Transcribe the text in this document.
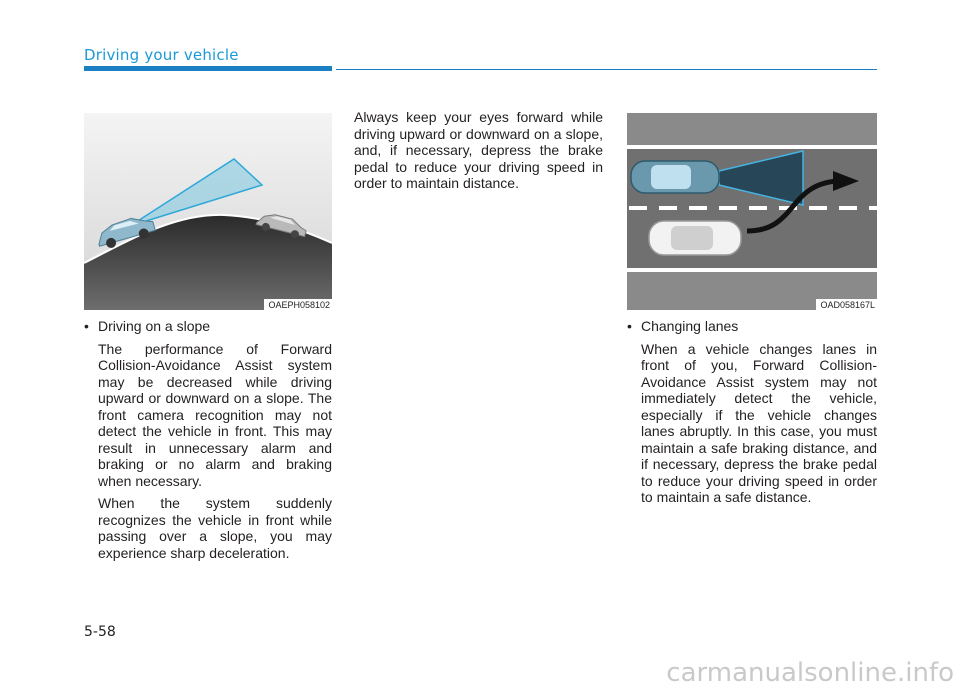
Driving your vehicle
OAEPH058102	OAD058167L
• Driving on a slope

The performance of Forward Collision-Avoidance Assist system may be decreased while driving upward or downward on a slope. The front camera recognition may not detect the vehicle in front. This may result in unnecessary alarm and braking or no alarm and braking when necessary.

When the system suddenly recognizes the vehicle in front while passing over a slope, you may experience sharp deceleration.

Always keep your eyes forward while driving upward or downward on a slope, and, if necessary, depress the brake pedal to reduce your driving speed in order to maintain distance.

• Changing lanes

When a vehicle changes lanes in front of you, Forward Collision-Avoidance Assist system may not immediately detect the vehicle, especially if the vehicle changes lanes abruptly. In this case, you must maintain a safe braking distance, and if necessary, depress the brake pedal to reduce your driving speed in order to maintain a safe distance.

5-58
carmanualsonline.info
